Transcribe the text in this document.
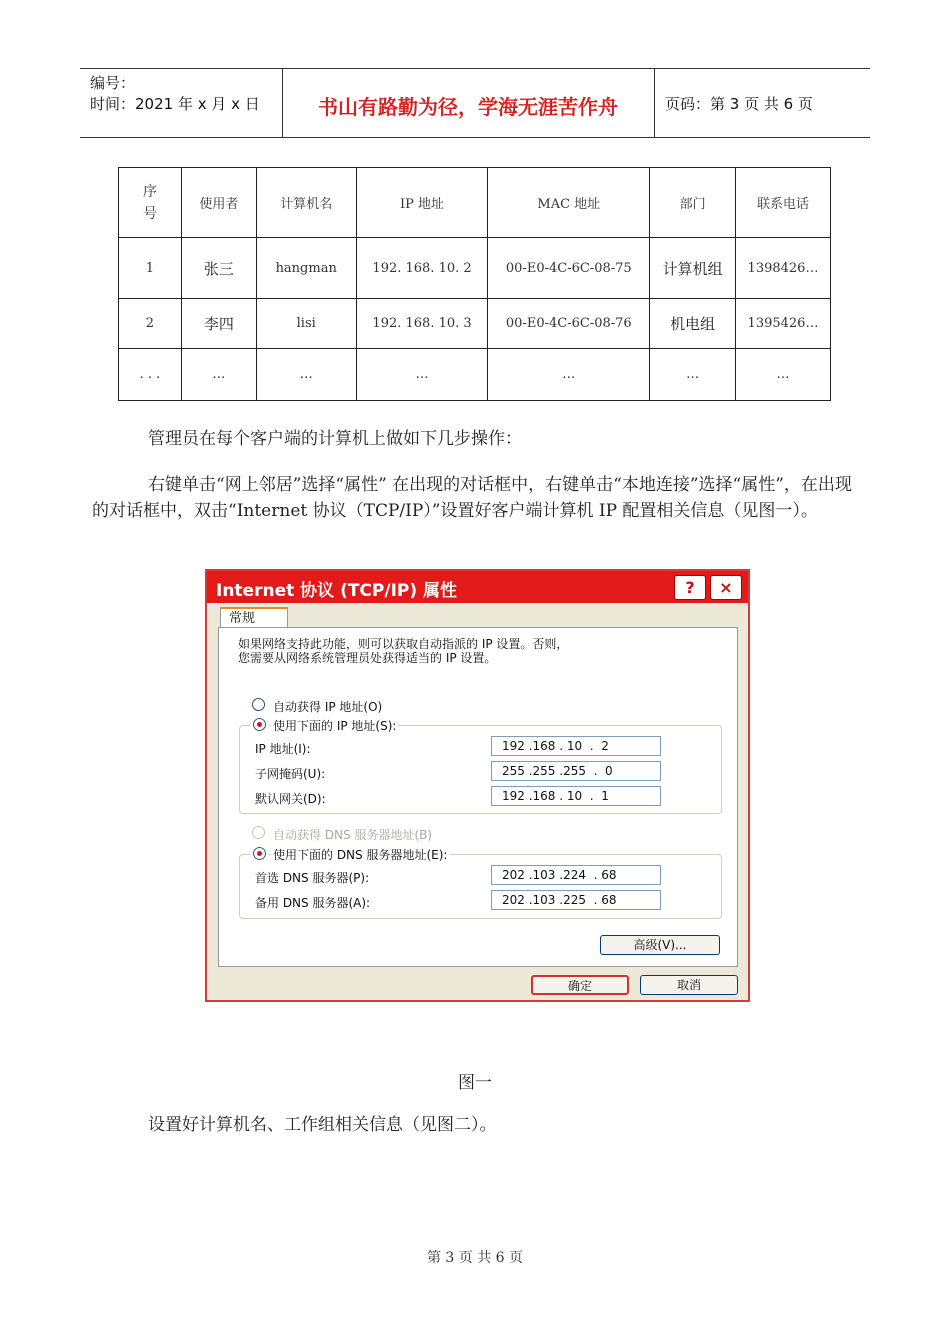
编号：
时间：2021 年 x 月 x 日	书山有路勤为径，学海无涯苦作舟	页码：第 3 页 共 6 页
序
号	使用者	计算机名	IP 地址	MAC 地址	部门	联系电话
1	张三	hangman	192. 168. 10. 2	00-E0-4C-6C-08-75	计算机组	1398426…
2	李四	lisi	192. 168. 10. 3	00-E0-4C-6C-08-76	机电组	1395426…
. . .	…	…	…	…	…	…
管理员在每个客户端的计算机上做如下几步操作：
右键单击“网上邻居”选择“属性” 在出现的对话框中，右键单击“本地连接”选择“属性”，在出现的对话框中，双击“Internet 协议（TCP/IP）”设置好客户端计算机 IP 配置相关信息（见图一）。
Internet 协议 (TCP/IP) 属性	?	×
常规
如果网络支持此功能，则可以获取自动指派的 IP 设置。否则，
您需要从网络系统管理员处获得适当的 IP 设置。
自动获得 IP 地址(O)
使用下面的 IP 地址(S):
IP 地址(I):	192 .168 . 10  .  2
子网掩码(U):	255 .255 .255  .  0
默认网关(D):	192 .168 . 10  .  1
自动获得 DNS 服务器地址(B)
使用下面的 DNS 服务器地址(E):
首选 DNS 服务器(P):	202 .103 .224  . 68
备用 DNS 服务器(A):	202 .103 .225  . 68
高级(V)...
确定	取消
图一
设置好计算机名、工作组相关信息（见图二）。
第 3 页 共 6 页
